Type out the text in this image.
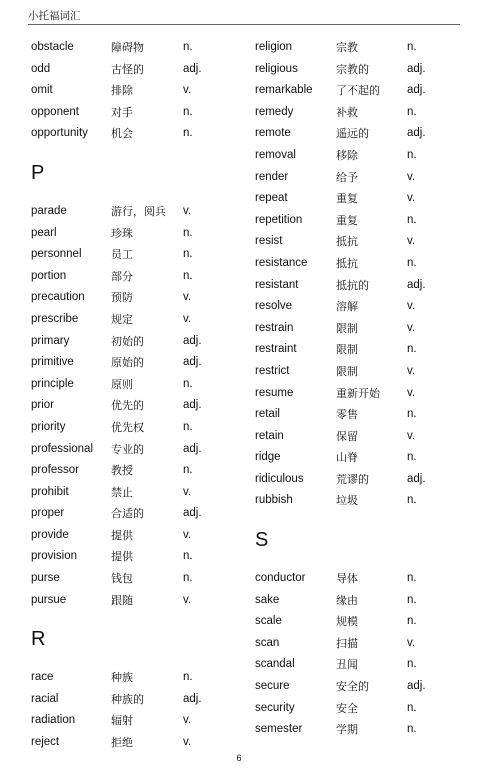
小托福词汇
obstacle	障碍物	n.
odd	古怪的	adj.
omit	排除	v.
opponent	对手	n.
opportunity 机会	n.
P
parade	游行，阅兵 v.
pearl	珍珠	n.
personnel	员工	n.
portion	部分	n.
precaution 预防	v.
prescribe	规定	v.
primary	初始的	adj.
primitive	原始的	adj.
principle	原则	n.
prior	优先的	adj.
priority	优先权	n.
professional 专业的	adj.
professor	教授	n.
prohibit	禁止	v.
proper	合适的	adj.
provide	提供	v.
provision	提供	n.
purse	钱包	n.
pursue	跟随	v.
R
race	种族	n.
racial	种族的	adj.
radiation	辐射	v.
reject	拒绝	v.
religion	宗教	n.
religious	宗教的	adj.
remarkable 了不起的 adj.
remedy	补救	n.
remote	遥远的	adj.
removal	移除	n.
render	给予	v.
repeat	重复	v.
repetition	重复	n.
resist	抵抗	v.
resistance	抵抗	n.
resistant	抵抗的	adj.
resolve	溶解	v.
restrain	限制	v.
restraint	限制	n.
restrict	限制	v.
resume	重新开始 v.
retail	零售	n.
retain	保留	v.
ridge	山脊	n.
ridiculous	荒谬的	adj.
rubbish	垃圾	n.
S
conductor	导体	n.
sake	缘由	n.
scale	规模	n.
scan	扫描	v.
scandal	丑闻	n.
secure	安全的	adj.
security	安全	n.
semester	学期	n.
6
